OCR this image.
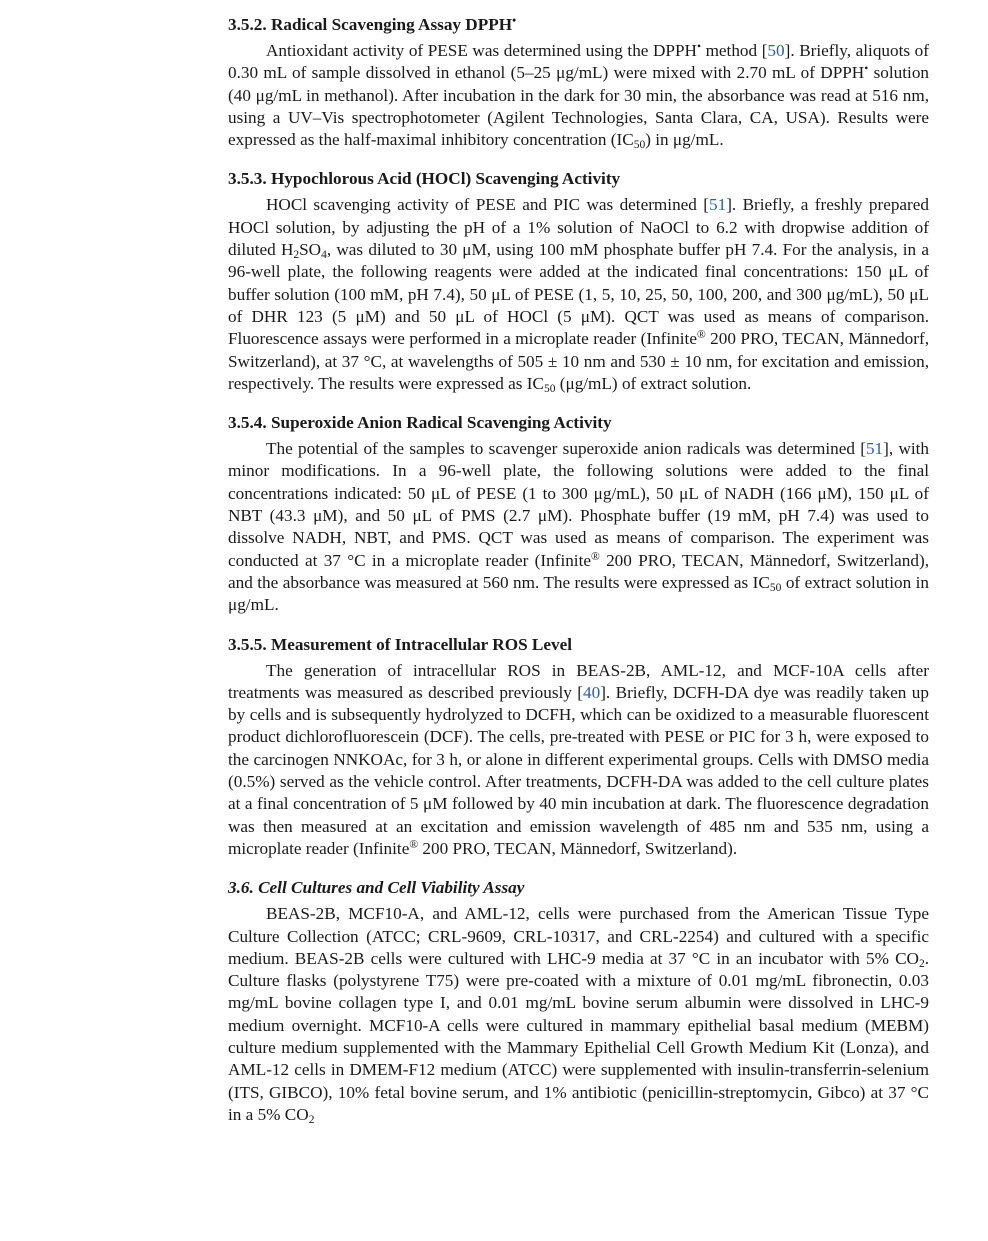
3.5.2. Radical Scavenging Assay DPPH•

Antioxidant activity of PESE was determined using the DPPH• method [50]. Briefly, aliquots of 0.30 mL of sample dissolved in ethanol (5–25 μg/mL) were mixed with 2.70 mL of DPPH• solution (40 μg/mL in methanol). After incubation in the dark for 30 min, the absorbance was read at 516 nm, using a UV–Vis spectrophotometer (Agilent Technologies, Santa Clara, CA, USA). Results were expressed as the half-maximal inhibitory concentration $(IC_{50})$ in μg/mL.

3.5.3. Hypochlorous Acid (HOCl) Scavenging Activity

HOCl scavenging activity of PESE and PIC was determined [51]. Briefly, a freshly prepared HOCl solution, by adjusting the pH of a 1% solution of NaOCl to 6.2 with dropwise addition of diluted $H_2SO_4$, was diluted to 30 μM, using 100 mM phosphate buffer pH 7.4. For the analysis, in a 96-well plate, the following reagents were added at the indicated final concentrations: 150 μL of buffer solution (100 mM, pH 7.4), 50 μL of PESE (1, 5, 10, 25, 50, 100, 200, and 300 μg/mL), 50 μL of DHR 123 (5 μM) and 50 μL of HOCl (5 μM). QCT was used as means of comparison. Fluorescence assays were performed in a microplate reader (Infinite® 200 PRO, TECAN, Männedorf, Switzerland), at 37 °C, at wavelengths of 505 ± 10 nm and 530 ± 10 nm, for excitation and emission, respectively. The results were expressed as $IC_{50}$ (μg/mL) of extract solution.

3.5.4. Superoxide Anion Radical Scavenging Activity

The potential of the samples to scavenger superoxide anion radicals was determined [51], with minor modifications. In a 96-well plate, the following solutions were added to the final concentrations indicated: 50 μL of PESE (1 to 300 μg/mL), 50 μL of NADH (166 μM), 150 μL of NBT (43.3 μM), and 50 μL of PMS (2.7 μM). Phosphate buffer (19 mM, pH 7.4) was used to dissolve NADH, NBT, and PMS. QCT was used as means of comparison. The experiment was conducted at 37 °C in a microplate reader (Infinite® 200 PRO, TECAN, Männedorf, Switzerland), and the absorbance was measured at 560 nm. The results were expressed as $IC_{50}$ of extract solution in μg/mL.

3.5.5. Measurement of Intracellular ROS Level

The generation of intracellular ROS in BEAS-2B, AML-12, and MCF-10A cells after treatments was measured as described previously [40]. Briefly, DCFH-DA dye was readily taken up by cells and is subsequently hydrolyzed to DCFH, which can be oxidized to a measurable fluorescent product dichlorofluorescein (DCF). The cells, pre-treated with PESE or PIC for 3 h, were exposed to the carcinogen NNKOAc, for 3 h, or alone in different experimental groups. Cells with DMSO media (0.5%) served as the vehicle control. After treatments, DCFH-DA was added to the cell culture plates at a final concentration of 5 μM followed by 40 min incubation at dark. The fluorescence degradation was then measured at an excitation and emission wavelength of 485 nm and 535 nm, using a microplate reader (Infinite® 200 PRO, TECAN, Männedorf, Switzerland).

3.6. Cell Cultures and Cell Viability Assay

BEAS-2B, MCF10-A, and AML-12, cells were purchased from the American Tissue Type Culture Collection (ATCC; CRL-9609, CRL-10317, and CRL-2254) and cultured with a specific medium. BEAS-2B cells were cultured with LHC-9 media at 37 °C in an incubator with 5% $CO_2$. Culture flasks (polystyrene T75) were pre-coated with a mixture of 0.01 mg/mL fibronectin, 0.03 mg/mL bovine collagen type I, and 0.01 mg/mL bovine serum albumin were dissolved in LHC-9 medium overnight. MCF10-A cells were cultured in mammary epithelial basal medium (MEBM) culture medium supplemented with the Mammary Epithelial Cell Growth Medium Kit (Lonza), and AML-12 cells in DMEM-F12 medium (ATCC) were supplemented with insulin-transferrin-selenium (ITS, GIBCO), 10% fetal bovine serum, and 1% antibiotic (penicillin-streptomycin, Gibco) at 37 °C in a 5% $CO_2$
